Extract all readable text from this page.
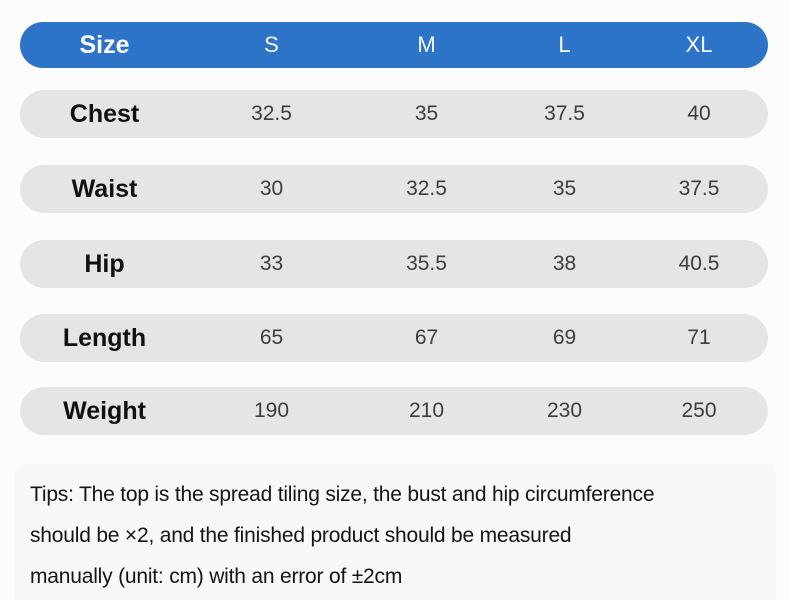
Size	S	M	L	XL
Chest	32.5	35	37.5	40
Waist	30	32.5	35	37.5
Hip	33	35.5	38	40.5
Length	65	67	69	71
Weight	190	210	230	250
Tips: The top is the spread tiling size, the bust and hip circumference
should be ×2, and the finished product should be measured
manually (unit: cm) with an error of ±2cm
